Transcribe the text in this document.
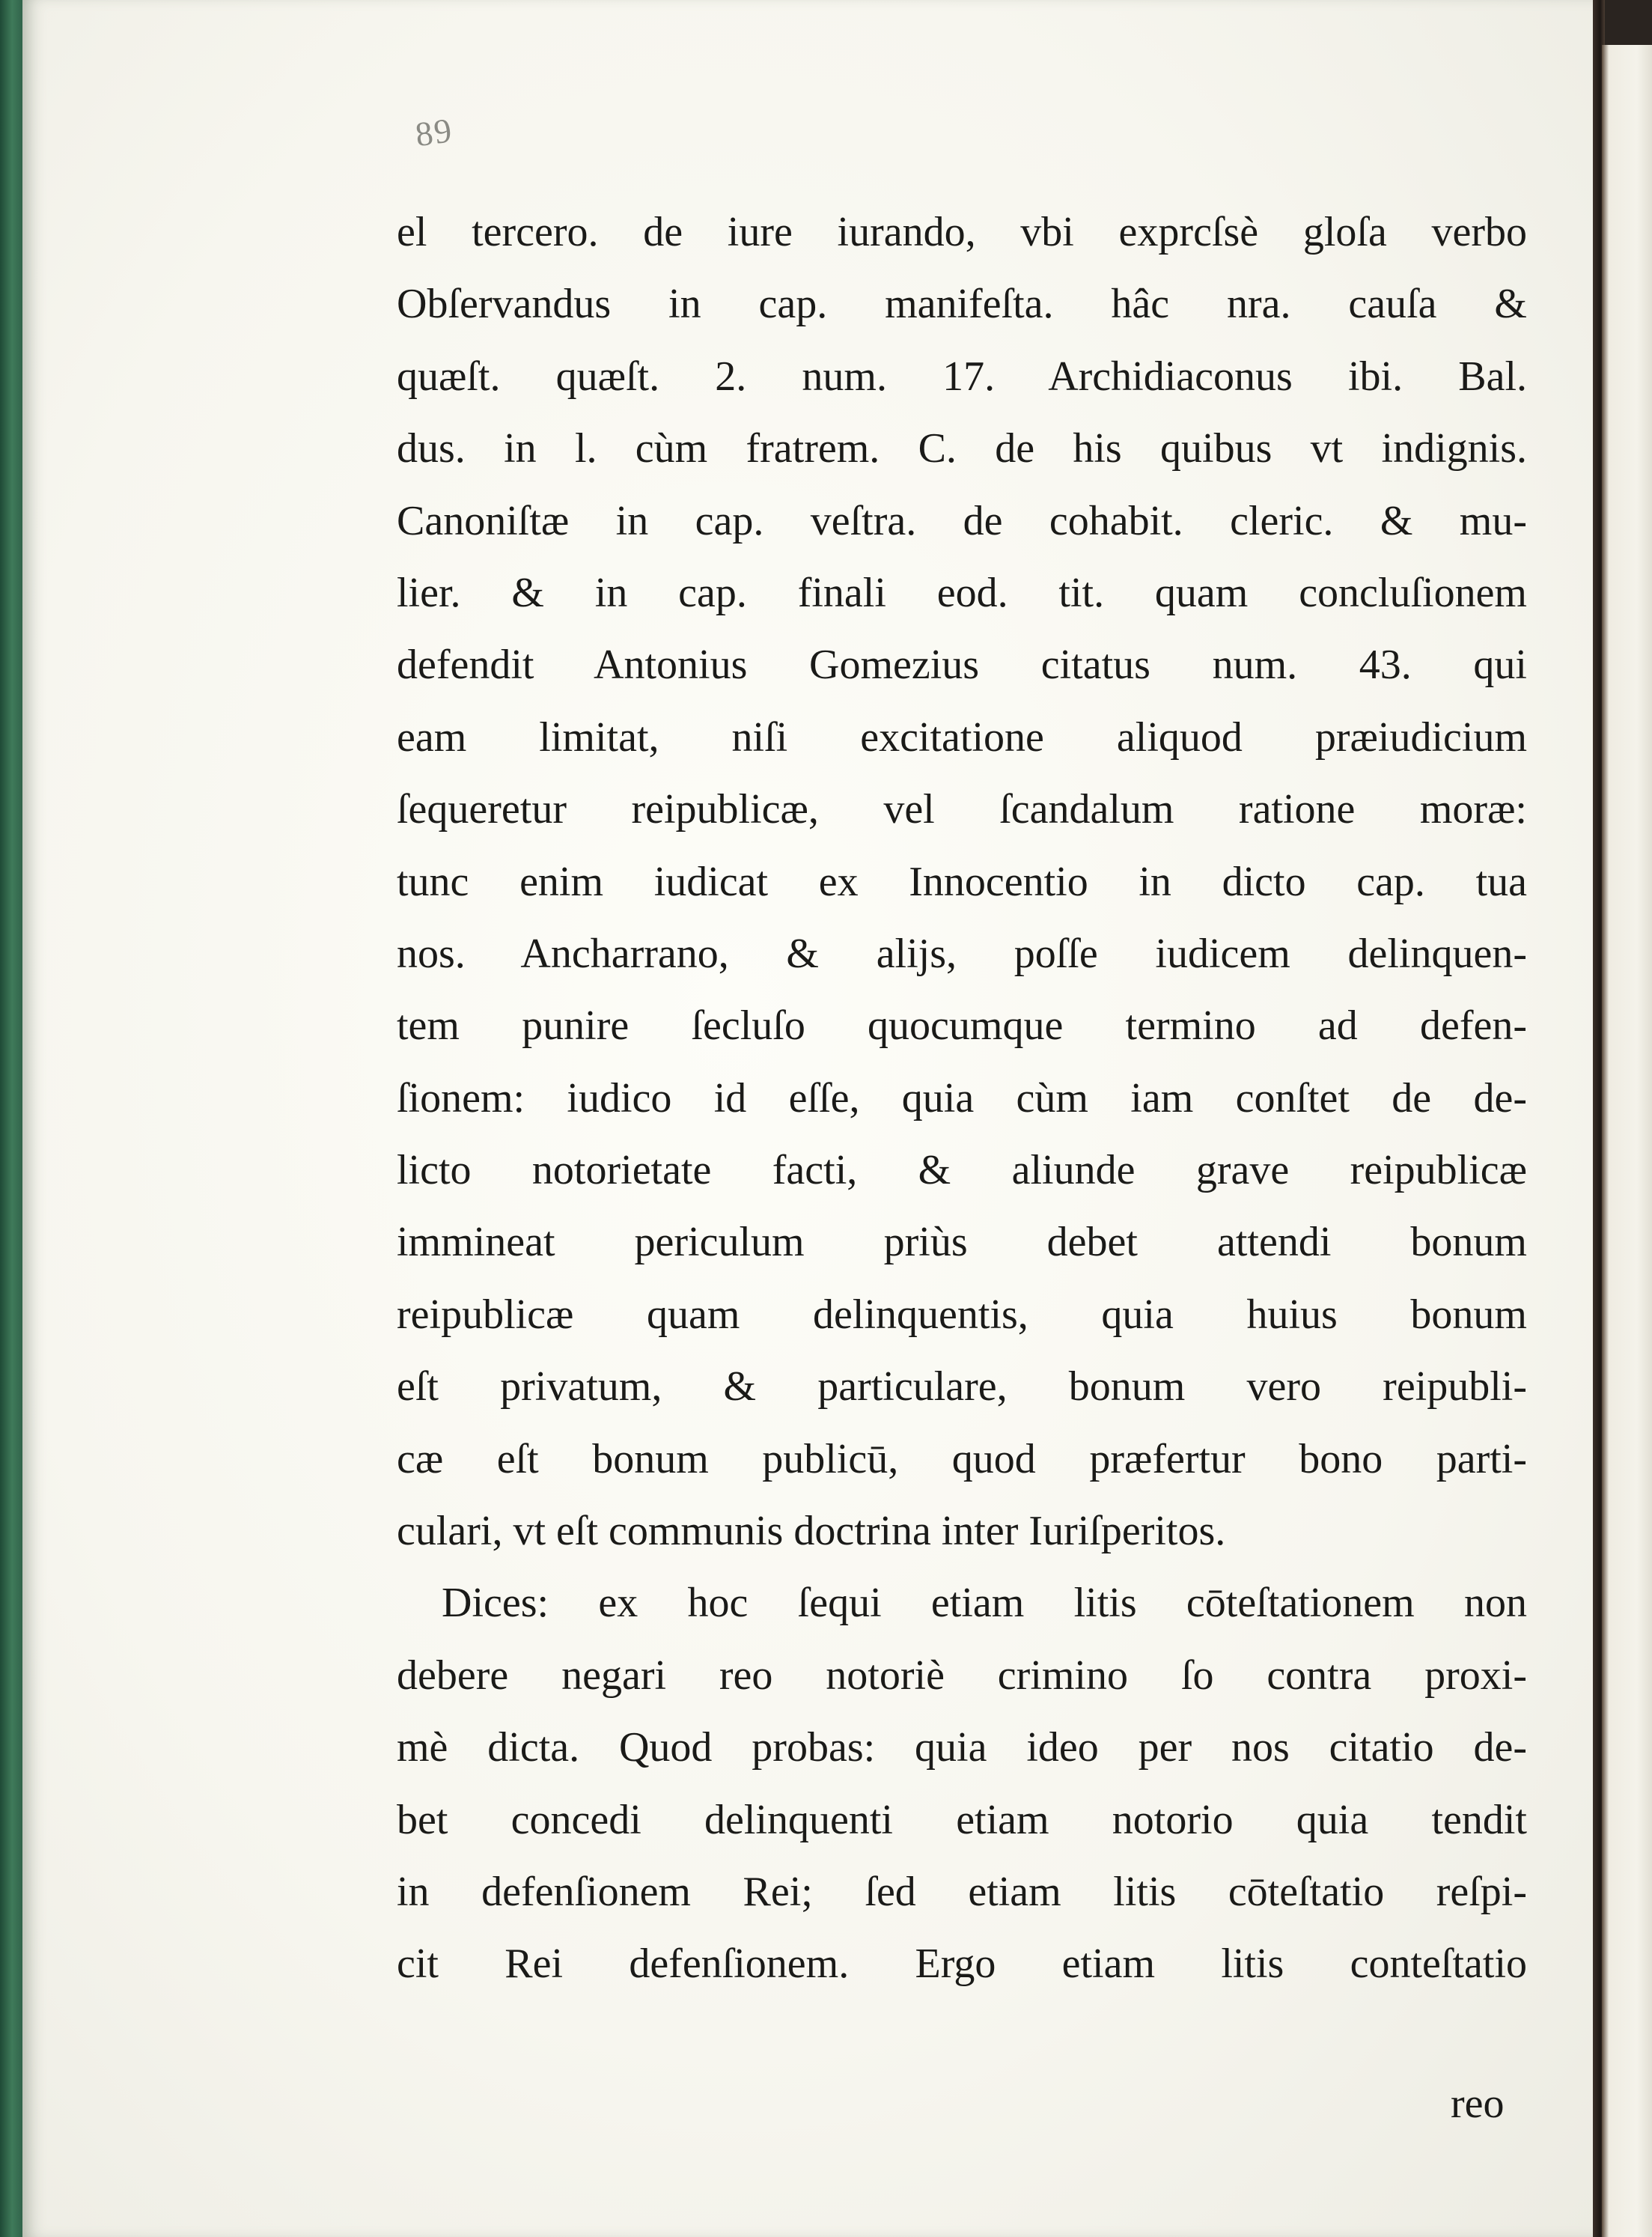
89
el tercero. de iure iurando, vbi exprcſsè gloſa verbo
Obſervandus in cap. manifeſta. hâc nra. cauſa &
quæſt. quæſt. 2. num. 17. Archidiaconus ibi. Bal.
dus. in l. cùm fratrem. C. de his quibus vt indignis.
Canoniſtæ in cap. veſtra. de cohabit. cleric. & mu-
lier. & in cap. finali eod. tit. quam concluſionem
defendit Antonius Gomezius citatus num. 43. qui
eam limitat, niſi excitatione aliquod præiudicium
ſequeretur reipublicæ, vel ſcandalum ratione moræ:
tunc enim iudicat ex Innocentio in dicto cap. tua
nos. Ancharrano, & alijs, poſſe iudicem delinquen-
tem punire ſecluſo quocumque termino ad defen-
ſionem: iudico id eſſe, quia cùm iam conſtet de de-
licto notorietate facti, & aliunde grave reipublicæ
immineat periculum priùs debet attendi bonum
reipublicæ quam delinquentis, quia huius bonum
eſt privatum, & particulare, bonum vero reipubli-
cæ eſt bonum publicū, quod præfertur bono parti-
culari, vt eſt communis doctrina inter Iuriſperitos.
Dices: ex hoc ſequi etiam litis cōteſtationem non
debere negari reo notoriè crimino ſo contra proxi-
mè dicta. Quod probas: quia ideo per nos citatio de-
bet concedi delinquenti etiam notorio quia tendit
in defenſionem Rei; ſed etiam litis cōteſtatio reſpi-
cit Rei defenſionem. Ergo etiam litis conteſtatio
reo
